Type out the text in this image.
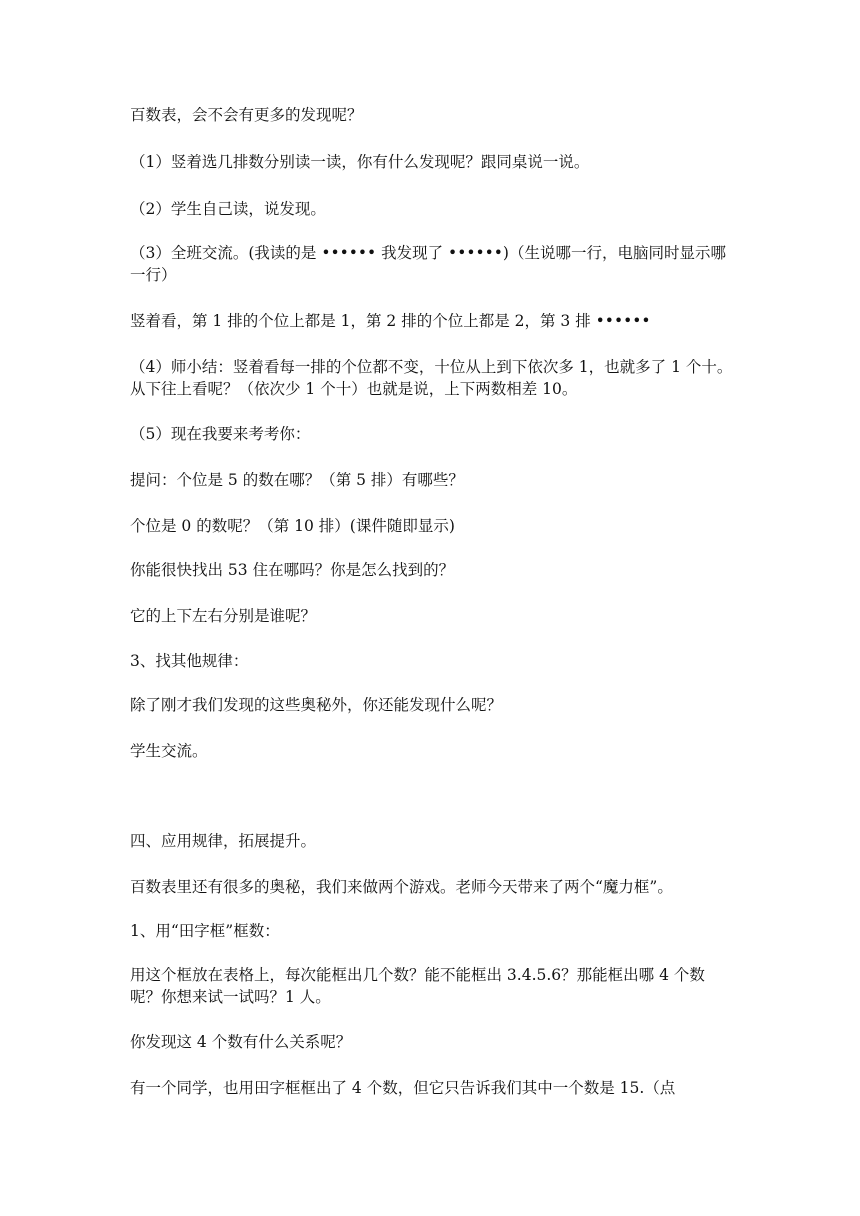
百数表，会不会有更多的发现呢？

（1）竖着选几排数分别读一读，你有什么发现呢？跟同桌说一说。

（2）学生自己读，说发现。

（3）全班交流。(我读的是 •••••• 我发现了 ••••••)（生说哪一行，电脑同时显示哪一行）

竖着看，第 1 排的个位上都是 1，第 2 排的个位上都是 2，第 3 排 ••••••

（4）师小结：竖着看每一排的个位都不变，十位从上到下依次多 1，也就多了 1 个十。从下往上看呢？（依次少 1 个十）也就是说，上下两数相差 10。

（5）现在我要来考考你：

提问：个位是 5 的数在哪？（第 5 排）有哪些？

个位是 0 的数呢？（第 10 排）(课件随即显示)

你能很快找出 53 住在哪吗？你是怎么找到的？

它的上下左右分别是谁呢？

3、找其他规律：

除了刚才我们发现的这些奥秘外，你还能发现什么呢？

学生交流。

四、应用规律，拓展提升。

百数表里还有很多的奥秘，我们来做两个游戏。老师今天带来了两个“魔力框”。

1、用“田字框”框数：

用这个框放在表格上，每次能框出几个数？能不能框出 3.4.5.6？那能框出哪 4 个数呢？你想来试一试吗？1 人。

你发现这 4 个数有什么关系呢？

有一个同学，也用田字框框出了 4 个数，但它只告诉我们其中一个数是 15.（点
